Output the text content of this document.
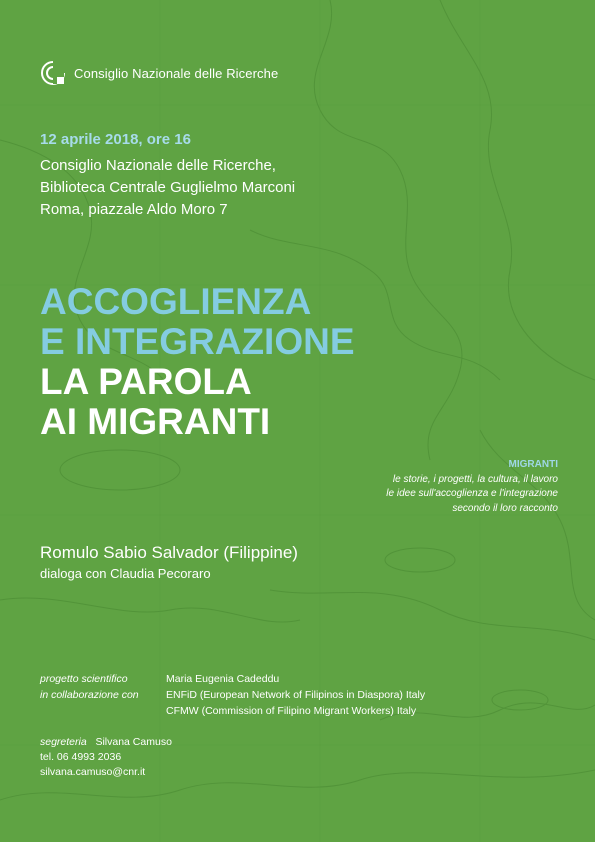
Consiglio Nazionale delle Ricerche
12 aprile 2018, ore 16
Consiglio Nazionale delle Ricerche,
Biblioteca Centrale Guglielmo Marconi
Roma, piazzale Aldo Moro 7
ACCOGLIENZA
E INTEGRAZIONE
LA PAROLA
AI MIGRANTI
MIGRANTI
le storie, i progetti, la cultura, il lavoro
le idee sull'accoglienza e l'integrazione
secondo il loro racconto
Romulo Sabio Salvador (Filippine)
dialoga con Claudia Pecoraro
progetto scientifico	Maria Eugenia Cadeddu
in collaborazione con	ENFiD (European Network of Filipinos in Diaspora) Italy
CFMW (Commission of Filipino Migrant Workers) Italy
segreteria   Silvana Camuso
tel. 06 4993 2036
silvana.camuso@cnr.it
